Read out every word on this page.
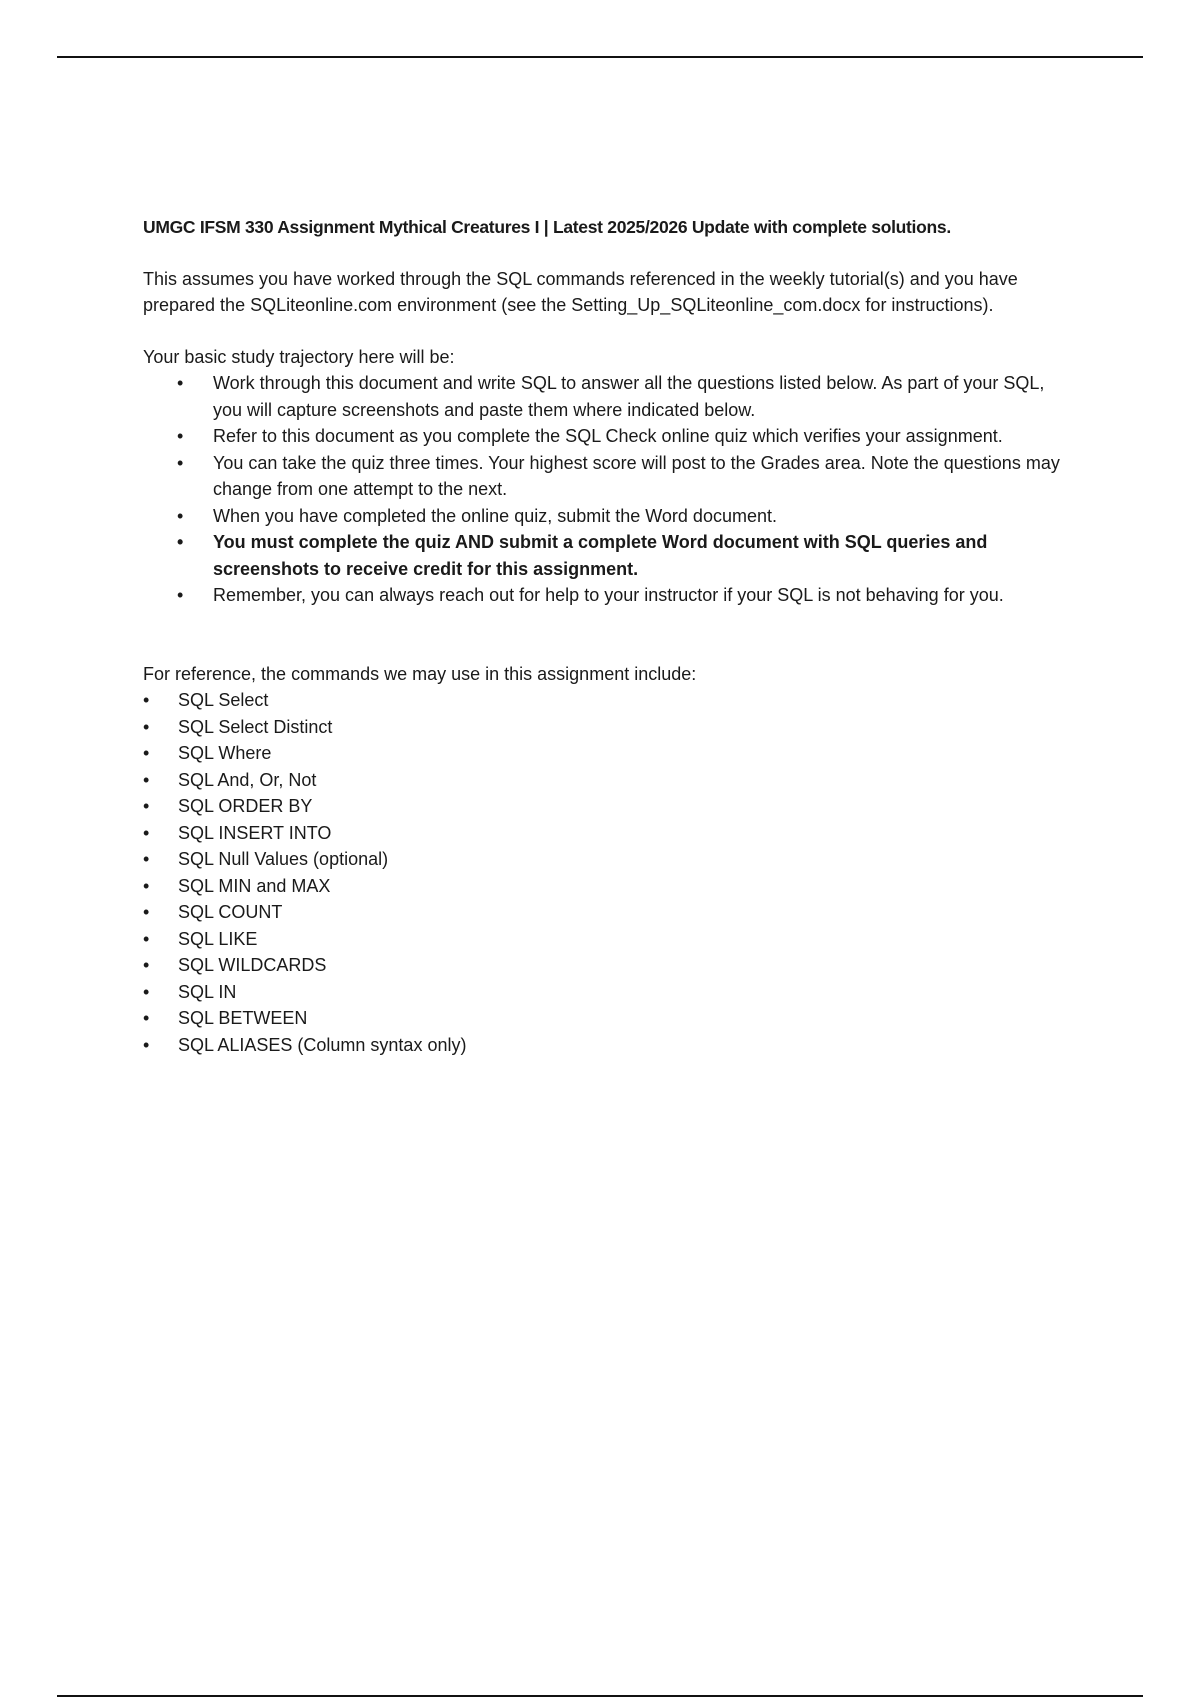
UMGC IFSM 330 Assignment Mythical Creatures I | Latest 2025/2026 Update with complete solutions.
This assumes you have worked through the SQL commands referenced in the weekly tutorial(s) and you have prepared the SQLiteonline.com environment (see the Setting_Up_SQLiteonline_com.docx for instructions).
Your basic study trajectory here will be:
• Work through this document and write SQL to answer all the questions listed below. As part of your SQL, you will capture screenshots and paste them where indicated below.
• Refer to this document as you complete the SQL Check online quiz which verifies your assignment.
• You can take the quiz three times. Your highest score will post to the Grades area. Note the questions may change from one attempt to the next.
• When you have completed the online quiz, submit the Word document.
• You must complete the quiz AND submit a complete Word document with SQL queries and screenshots to receive credit for this assignment.
• Remember, you can always reach out for help to your instructor if your SQL is not behaving for you.
For reference, the commands we may use in this assignment include:
• SQL Select
• SQL Select Distinct
• SQL Where
• SQL And, Or, Not
• SQL ORDER BY
• SQL INSERT INTO
• SQL Null Values (optional)
• SQL MIN and MAX
• SQL COUNT
• SQL LIKE
• SQL WILDCARDS
• SQL IN
• SQL BETWEEN
• SQL ALIASES (Column syntax only)
